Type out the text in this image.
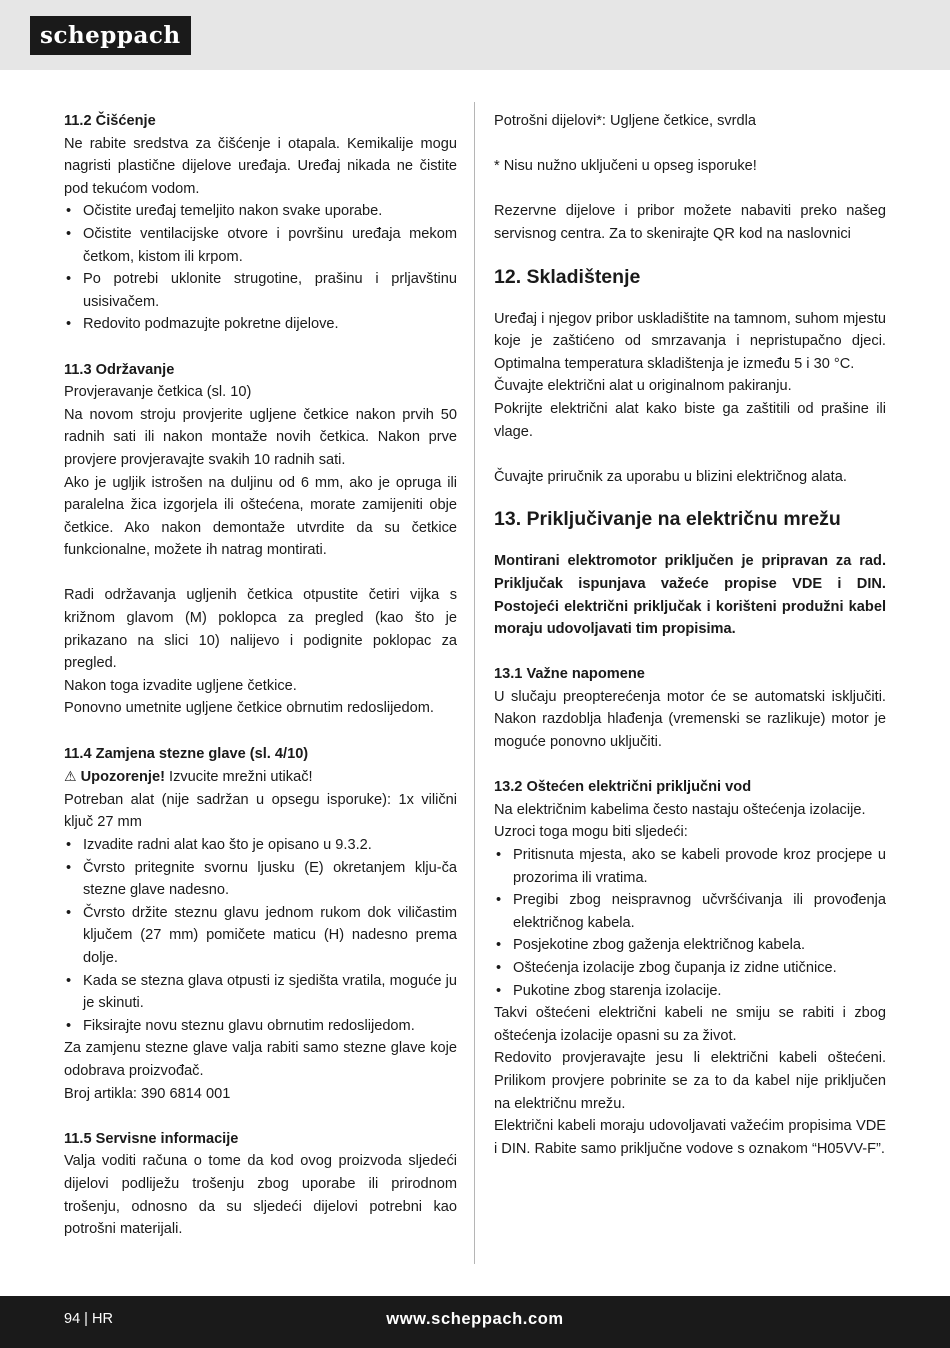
scheppach

11.2 Čišćenje

Ne rabite sredstva za čišćenje i otapala. Kemikalije mogu nagristi plastične dijelove uređaja. Uređaj nikada ne čistite pod tekućom vodom.

• Očistite uređaj temeljito nakon svake uporabe.
• Očistite ventilacijske otvore i površinu uređaja mekom četkom, kistom ili krpom.
• Po potrebi uklonite strugotine, prašinu i prljavštinu usisivačem.
• Redovito podmazujte pokretne dijelove.

11.3 Održavanje

Provjeravanje četkica (sl. 10)

Na novom stroju provjerite ugljene četkice nakon prvih 50 radnih sati ili nakon montaže novih četkica. Nakon prve provjere provjeravajte svakih 10 radnih sati.

Ako je ugljik istrošen na duljinu od 6 mm, ako je opruga ili paralelna žica izgorjela ili oštećena, morate zamijeniti obje četkice. Ako nakon demontaže utvrdite da su četkice funkcionalne, možete ih natrag montirati.

Radi održavanja ugljenih četkica otpustite četiri vijka s križnom glavom (M) poklopca za pregled (kao što je prikazano na slici 10) nalijevo i podignite poklopac za pregled.

Nakon toga izvadite ugljene četkice.

Ponovno umetnite ugljene četkice obrnutim redoslijedom.

11.4 Zamjena stezne glave (sl. 4/10)

⚠ Upozorenje! Izvucite mrežni utikač!

Potreban alat (nije sadržan u opsegu isporuke): 1x vilični ključ 27 mm

• Izvadite radni alat kao što je opisano u 9.3.2.
• Čvrsto pritegnite svornu ljusku (E) okretanjem klju-ča stezne glave nadesno.
• Čvrsto držite steznu glavu jednom rukom dok viličastim ključem (27 mm) pomičete maticu (H) nadesno prema dolje.
• Kada se stezna glava otpusti iz sjedišta vratila, moguće ju je skinuti.
• Fiksirajte novu steznu glavu obrnutim redoslijedom.

Za zamjenu stezne glave valja rabiti samo stezne glave koje odobrava proizvođač.

Broj artikla: 390 6814 001

11.5 Servisne informacije

Valja voditi računa o tome da kod ovog proizvoda sljedeći dijelovi podliježu trošenju zbog uporabe ili prirodnom trošenju, odnosno da su sljedeći dijelovi potrebni kao potrošni materijali.

Potrošni dijelovi*: Ugljene četkice, svrdla

* Nisu nužno uključeni u opseg isporuke!

Rezervne dijelove i pribor možete nabaviti preko našeg servisnog centra. Za to skenirajte QR kod na naslovnici

12. Skladištenje

Uređaj i njegov pribor uskladištite na tamnom, suhom mjestu koje je zaštićeno od smrzavanja i nepristupačno djeci. Optimalna temperatura skladištenja je između 5 i 30 °C.

Čuvajte električni alat u originalnom pakiranju.

Pokrijte električni alat kako biste ga zaštitili od prašine ili vlage.

Čuvajte priručnik za uporabu u blizini električnog alata.

13. Priključivanje na električnu mrežu

Montirani elektromotor priključen je pripravan za rad. Priključak ispunjava važeće propise VDE i DIN. Postojeći električni priključak i korišteni produžni kabel moraju udovoljavati tim propisima.

13.1 Važne napomene

U slučaju preopterećenja motor će se automatski isključiti. Nakon razdoblja hlađenja (vremenski se razlikuje) motor je moguće ponovno uključiti.

13.2 Oštećen električni priključni vod

Na električnim kabelima često nastaju oštećenja izolacije.

Uzroci toga mogu biti sljedeći:

• Pritisnuta mjesta, ako se kabeli provode kroz procjepe u prozorima ili vratima.
• Pregibi zbog neispravnog učvršćivanja ili provođenja električnog kabela.
• Posjekotine zbog gaženja električnog kabela.
• Oštećenja izolacije zbog čupanja iz zidne utičnice.
• Pukotine zbog starenja izolacije.

Takvi oštećeni električni kabeli ne smiju se rabiti i zbog oštećenja izolacije opasni su za život.

Redovito provjeravajte jesu li električni kabeli oštećeni. Prilikom provjere pobrinite se za to da kabel nije priključen na električnu mrežu.

Električni kabeli moraju udovoljavati važećim propisima VDE i DIN. Rabite samo priključne vodove s oznakom “H05VV-F”.

94 | HR	www.scheppach.com
